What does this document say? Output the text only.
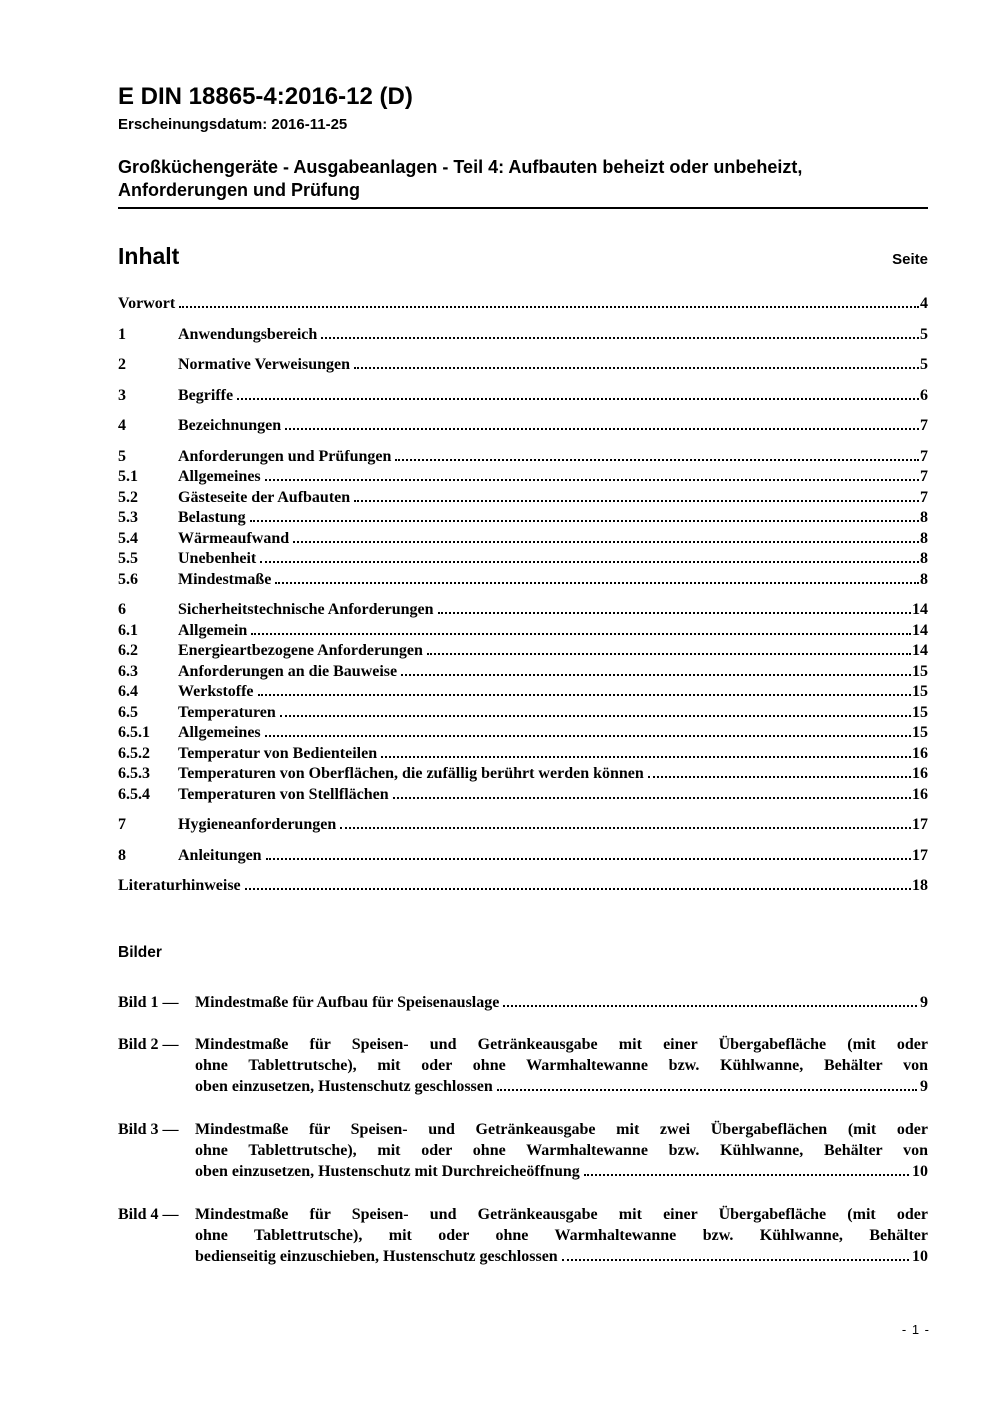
E DIN 18865-4:2016-12 (D)
Erscheinungsdatum: 2016-11-25
Großküchengeräte - Ausgabeanlagen - Teil 4: Aufbauten beheizt oder unbeheizt, Anforderungen und Prüfung
Inhalt	Seite
Vorwort	4
1	Anwendungsbereich	5
2	Normative Verweisungen	5
3	Begriffe	6
4	Bezeichnungen	7
5	Anforderungen und Prüfungen	7
5.1	Allgemeines	7
5.2	Gästeseite der Aufbauten	7
5.3	Belastung	8
5.4	Wärmeaufwand	8
5.5	Unebenheit	8
5.6	Mindestmaße	8
6	Sicherheitstechnische Anforderungen	14
6.1	Allgemein	14
6.2	Energieartbezogene Anforderungen	14
6.3	Anforderungen an die Bauweise	15
6.4	Werkstoffe	15
6.5	Temperaturen	15
6.5.1	Allgemeines	15
6.5.2	Temperatur von Bedienteilen	16
6.5.3	Temperaturen von Oberflächen, die zufällig berührt werden können	16
6.5.4	Temperaturen von Stellflächen	16
7	Hygieneanforderungen	17
8	Anleitungen	17
Literaturhinweise	18
Bilder
Bild 1 —	Mindestmaße für Aufbau für Speisenauslage	9
Bild 2 —	Mindestmaße für Speisen- und Getränkeausgabe mit einer Übergabefläche (mit oder
ohne Tablettrutsche), mit oder ohne Warmhaltewanne bzw. Kühlwanne, Behälter von
oben einzusetzen, Hustenschutz geschlossen	9
Bild 3 —	Mindestmaße für Speisen- und Getränkeausgabe mit zwei Übergabeflächen (mit oder
ohne Tablettrutsche), mit oder ohne Warmhaltewanne bzw. Kühlwanne, Behälter von
oben einzusetzen, Hustenschutz mit Durchreicheöffnung	10
Bild 4 —	Mindestmaße für Speisen- und Getränkeausgabe mit einer Übergabefläche (mit oder
ohne Tablettrutsche), mit oder ohne Warmhaltewanne bzw. Kühlwanne, Behälter
bedienseitig einzuschieben, Hustenschutz geschlossen	10
- 1 -
